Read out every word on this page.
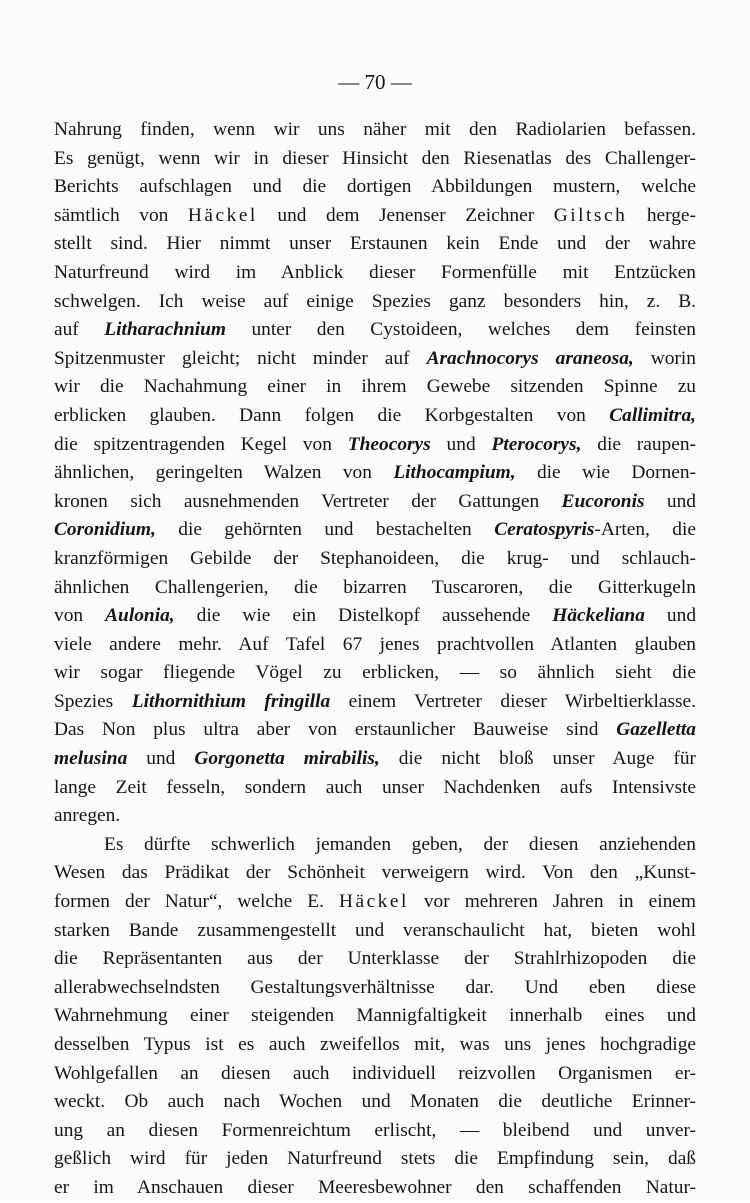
— 70 —
Nahrung finden, wenn wir uns näher mit den Radiolarien befassen.
Es genügt, wenn wir in dieser Hinsicht den Riesenatlas des Challenger-
Berichts aufschlagen und die dortigen Abbildungen mustern, welche
sämtlich von Häckel und dem Jenenser Zeichner Giltsch herge-
stellt sind. Hier nimmt unser Erstaunen kein Ende und der wahre
Naturfreund wird im Anblick dieser Formenfülle mit Entzücken
schwelgen. Ich weise auf einige Spezies ganz besonders hin, z. B.
auf Litharachnium unter den Cystoideen, welches dem feinsten
Spitzenmuster gleicht; nicht minder auf Arachnocorys araneosa, worin
wir die Nachahmung einer in ihrem Gewebe sitzenden Spinne zu
erblicken glauben. Dann folgen die Korbgestalten von Callimitra,
die spitzentragenden Kegel von Theocorys und Pterocorys, die raupen-
ähnlichen, geringelten Walzen von Lithocampium, die wie Dornen-
kronen sich ausnehmenden Vertreter der Gattungen Eucoronis und
Coronidium, die gehörnten und bestachelten Ceratospyris-Arten, die
kranzförmigen Gebilde der Stephanoideen, die krug- und schlauch-
ähnlichen Challengerien, die bizarren Tuscaroren, die Gitterkugeln
von Aulonia, die wie ein Distelkopf aussehende Häckeliana und
viele andere mehr. Auf Tafel 67 jenes prachtvollen Atlanten glauben
wir sogar fliegende Vögel zu erblicken, — so ähnlich sieht die
Spezies Lithornithium fringilla einem Vertreter dieser Wirbeltierklasse.
Das Non plus ultra aber von erstaunlicher Bauweise sind Gazelletta
melusina und Gorgonetta mirabilis, die nicht bloß unser Auge für
lange Zeit fesseln, sondern auch unser Nachdenken aufs Intensivste
anregen.
Es dürfte schwerlich jemanden geben, der diesen anziehenden
Wesen das Prädikat der Schönheit verweigern wird. Von den „Kunst-
formen der Natur“, welche E. Häckel vor mehreren Jahren in einem
starken Bande zusammengestellt und veranschaulicht hat, bieten wohl
die Repräsentanten aus der Unterklasse der Strahlrhizopoden die
allerabwechselndsten Gestaltungsverhältnisse dar. Und eben diese
Wahrnehmung einer steigenden Mannigfaltigkeit innerhalb eines und
desselben Typus ist es auch zweifellos mit, was uns jenes hochgradige
Wohlgefallen an diesen auch individuell reizvollen Organismen er-
weckt. Ob auch nach Wochen und Monaten die deutliche Erinner-
ung an diesen Formenreichtum erlischt, — bleibend und unver-
geßlich wird für jeden Naturfreund stets die Empfindung sein, daß
er im Anschauen dieser Meeresbewohner den schaffenden Natur-
